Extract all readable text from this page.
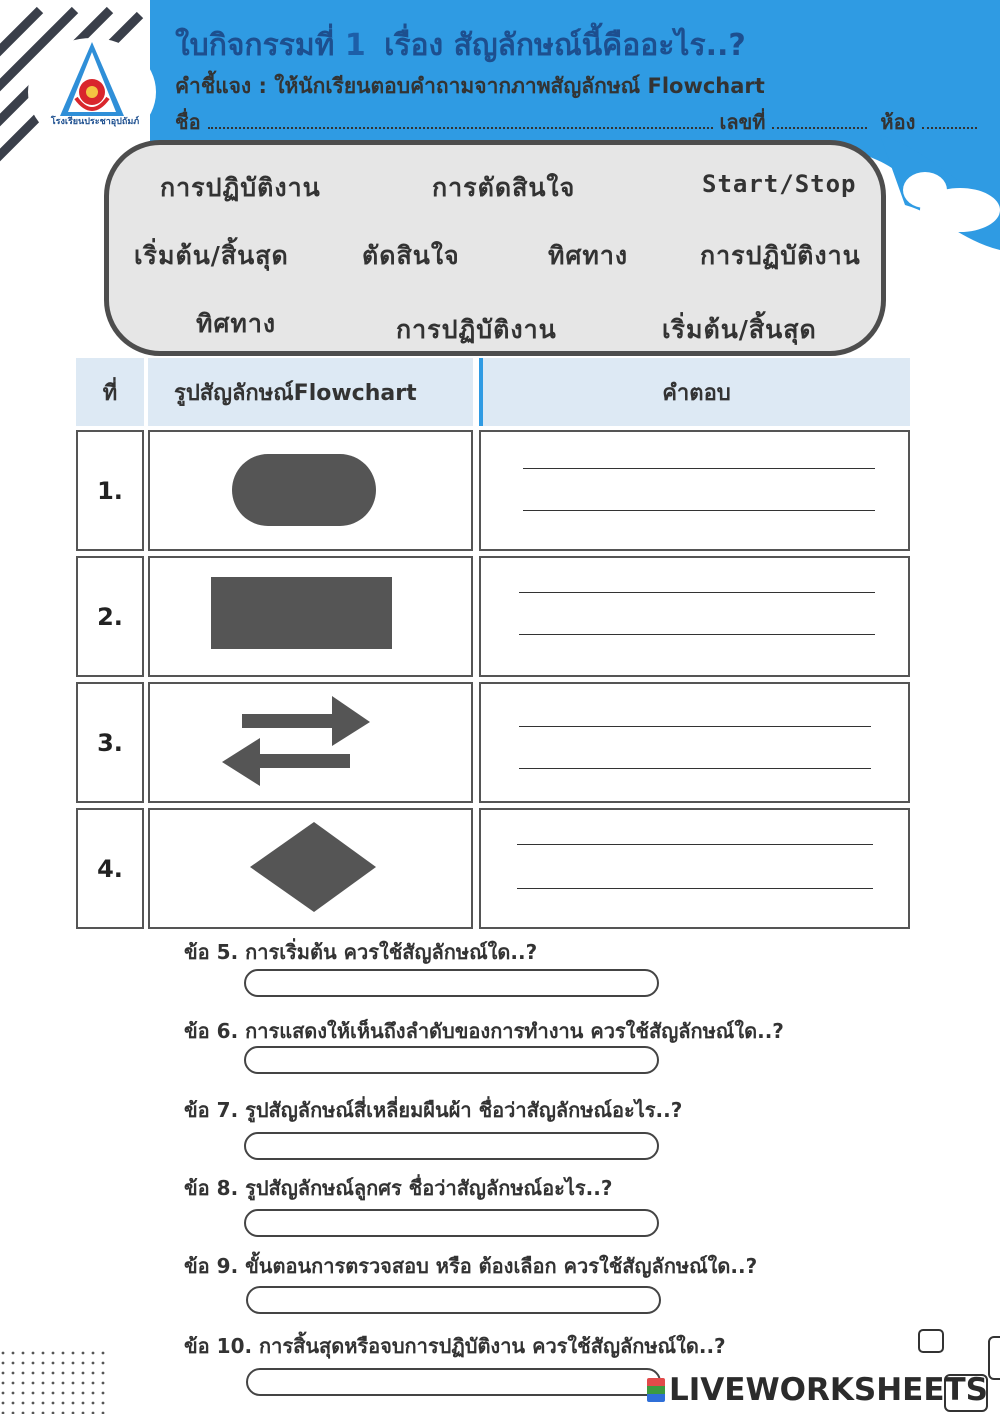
โรงเรียนประชาอุปถัมภ์
ใบกิจกรรมที่ 1 เรื่อง สัญลักษณ์นี้คืออะไร..?
คำชี้แจง : ให้นักเรียนตอบคำถามจากภาพสัญลักษณ์ Flowchart
ชื่อ	เลขที่	ห้อง
การปฏิบัติงาน	การตัดสินใจ	Start/Stop
เริ่มต้น/สิ้นสุด	ตัดสินใจ	ทิศทาง	การปฏิบัติงาน
ทิศทาง	การปฏิบัติงาน	เริ่มต้น/สิ้นสุด
ที่	รูปสัญลักษณ์Flowchart	คำตอบ
1.
2.
3.
4.
ข้อ 5. การเริ่มต้น ควรใช้สัญลักษณ์ใด..?
ข้อ 6. การแสดงให้เห็นถึงลำดับของการทำงาน ควรใช้สัญลักษณ์ใด..?
ข้อ 7. รูปสัญลักษณ์สี่เหลี่ยมผืนผ้า ชื่อว่าสัญลักษณ์อะไร..?
ข้อ 8. รูปสัญลักษณ์ลูกศร ชื่อว่าสัญลักษณ์อะไร..?
ข้อ 9. ขั้นตอนการตรวจสอบ หรือ ต้องเลือก ควรใช้สัญลักษณ์ใด..?
ข้อ 10. การสิ้นสุดหรือจบการปฏิบัติงาน ควรใช้สัญลักษณ์ใด..?
LIVEWORKSHEETS
